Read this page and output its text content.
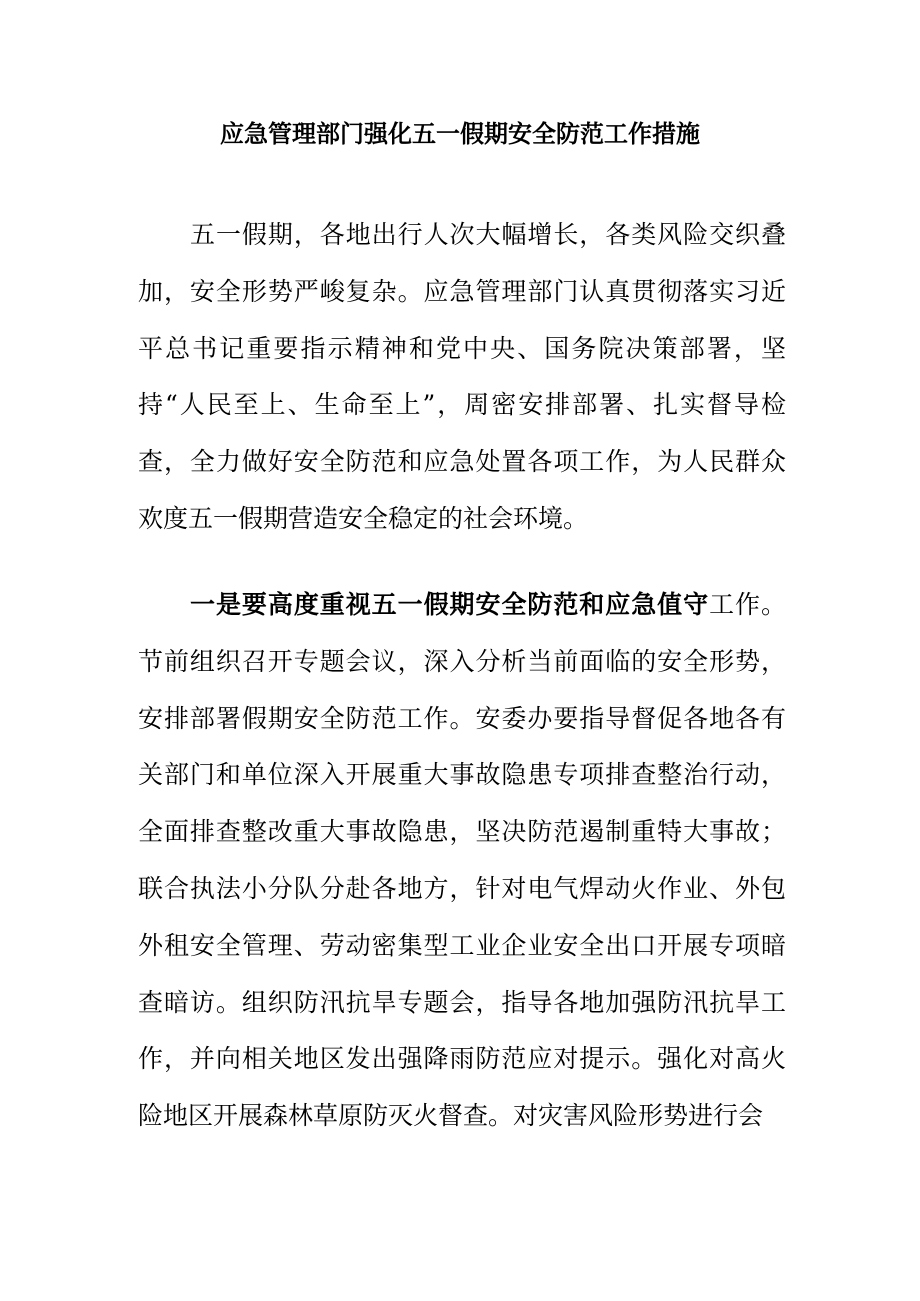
应急管理部门强化五一假期安全防范工作措施

五一假期，各地出行人次大幅增长，各类风险交织叠加，安全形势严峻复杂。应急管理部门认真贯彻落实习近平总书记重要指示精神和党中央、国务院决策部署，坚持“人民至上、生命至上”，周密安排部署、扎实督导检查，全力做好安全防范和应急处置各项工作，为人民群众欢度五一假期营造安全稳定的社会环境。

一是要高度重视五一假期安全防范和应急值守工作。节前组织召开专题会议，深入分析当前面临的安全形势，安排部署假期安全防范工作。安委办要指导督促各地各有关部门和单位深入开展重大事故隐患专项排查整治行动，全面排查整改重大事故隐患，坚决防范遏制重特大事故；联合执法小分队分赴各地方，针对电气焊动火作业、外包外租安全管理、劳动密集型工业企业安全出口开展专项暗查暗访。组织防汛抗旱专题会，指导各地加强防汛抗旱工作，并向相关地区发出强降雨防范应对提示。强化对高火险地区开展森林草原防灭火督查。对灾害风险形势进行会
